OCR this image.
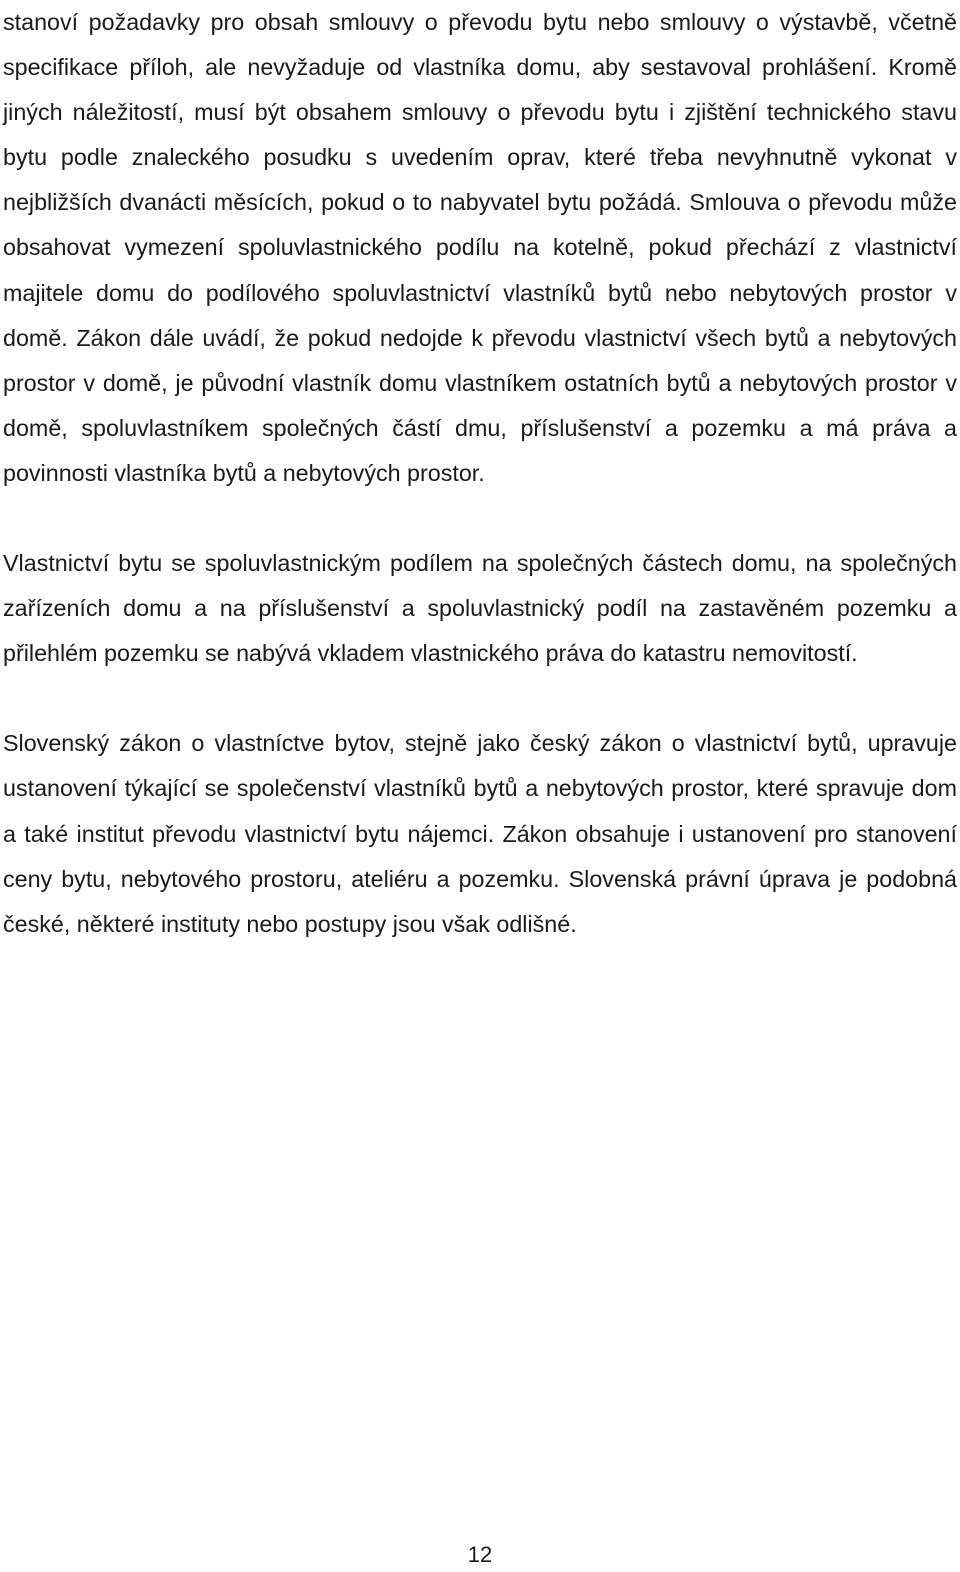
stanoví požadavky pro obsah smlouvy o převodu bytu nebo smlouvy o výstavbě, včetně specifikace příloh, ale nevyžaduje od vlastníka domu, aby sestavoval prohlášení. Kromě jiných náležitostí, musí být obsahem smlouvy o převodu bytu i zjištění technického stavu bytu podle znaleckého posudku s uvedením oprav, které třeba nevyhnutně vykonat v nejbližších dvanácti měsících, pokud o to nabyvatel bytu požádá. Smlouva o převodu může obsahovat vymezení spoluvlastnického podílu na kotelně, pokud přechází z vlastnictví majitele domu do podílového spoluvlastnictví vlastníků bytů nebo nebytových prostor v domě. Zákon dále uvádí, že pokud nedojde k převodu vlastnictví všech bytů a nebytových prostor v domě, je původní vlastník domu vlastníkem ostatních bytů a nebytových prostor v domě, spoluvlastníkem společných částí dmu, příslušenství a pozemku a má práva a povinnosti vlastníka bytů a nebytových prostor.

Vlastnictví bytu se spoluvlastnickým podílem na společných částech domu, na společných zařízeních domu a na příslušenství a spoluvlastnický podíl na zastavěném pozemku a přilehlém pozemku se nabývá vkladem vlastnického práva do katastru nemovitostí.

Slovenský zákon o vlastníctve bytov, stejně jako český zákon o vlastnictví bytů, upravuje ustanovení týkající se společenství vlastníků bytů a nebytových prostor, které spravuje dom a také institut převodu vlastnictví bytu nájemci. Zákon obsahuje i ustanovení pro stanovení ceny bytu, nebytového prostoru, ateliéru a pozemku. Slovenská právní úprava je podobná české, některé instituty nebo postupy jsou však odlišné.

12
